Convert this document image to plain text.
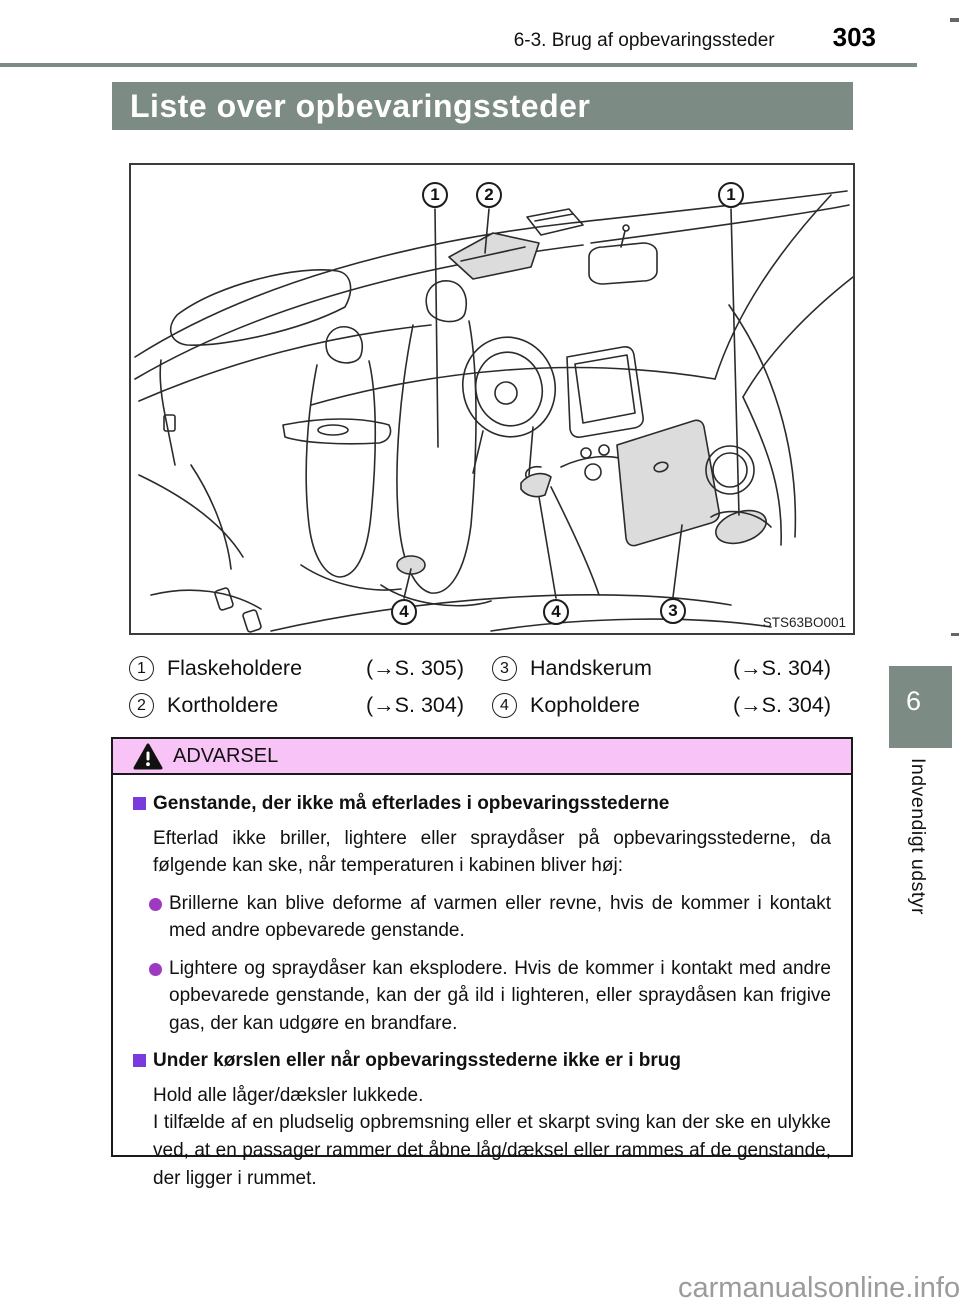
6-3. Brug af opbevaringssteder 303
Liste over opbevaringssteder
1	2	1
4	4	3
STS63BO001
1 Flaskeholdere	(→S. 305)	3 Handskerum	(→S. 304)
2 Kortholdere	(→S. 304)	4 Kopholdere	(→S. 304)
ADVARSEL
Genstande, der ikke må efterlades i opbevaringsstederne

Efterlad ikke briller, lightere eller spraydåser på opbevaringsstederne, da følgende kan ske, når temperaturen i kabinen bliver høj:

Brillerne kan blive deforme af varmen eller revne, hvis de kommer i kontakt med andre opbevarede genstande.
Lightere og spraydåser kan eksplodere. Hvis de kommer i kontakt med andre opbevarede genstande, kan der gå ild i lighteren, eller spraydåsen kan frigive gas, der kan udgøre en brandfare.
Under kørslen eller når opbevaringsstederne ikke er i brug

Hold alle låger/dæksler lukkede.

I tilfælde af en pludselig opbremsning eller et skarpt sving kan der ske en ulykke ved, at en passager rammer det åbne låg/dæksel eller rammes af de genstande, der ligger i rummet.

6
Indvendigt udstyr
carmanualsonline.info
